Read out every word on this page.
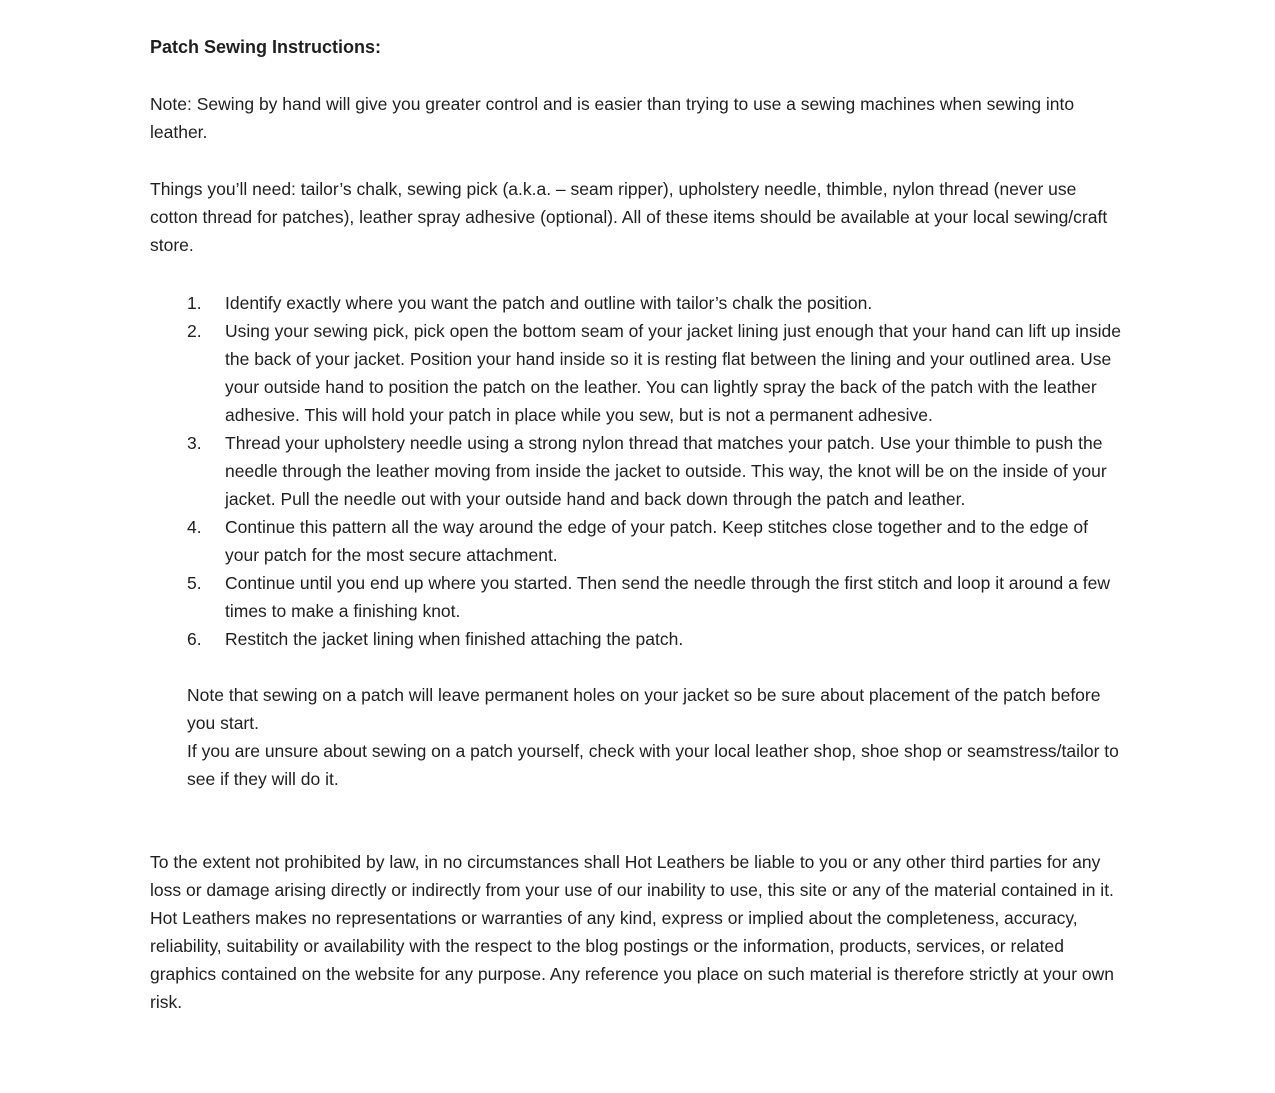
Patch Sewing Instructions:

Note: Sewing by hand will give you greater control and is easier than trying to use a sewing machines when sewing into leather.

Things you’ll need: tailor’s chalk, sewing pick (a.k.a. – seam ripper), upholstery needle, thimble, nylon thread (never use cotton thread for patches), leather spray adhesive (optional). All of these items should be available at your local sewing/craft store.

Identify exactly where you want the patch and outline with tailor’s chalk the position.
Using your sewing pick, pick open the bottom seam of your jacket lining just enough that your hand can lift up inside the back of your jacket. Position your hand inside so it is resting flat between the lining and your outlined area. Use your outside hand to position the patch on the leather. You can lightly spray the back of the patch with the leather adhesive. This will hold your patch in place while you sew, but is not a permanent adhesive.
Thread your upholstery needle using a strong nylon thread that matches your patch. Use your thimble to push the needle through the leather moving from inside the jacket to outside. This way, the knot will be on the inside of your jacket. Pull the needle out with your outside hand and back down through the patch and leather.
Continue this pattern all the way around the edge of your patch. Keep stitches close together and to the edge of your patch for the most secure attachment.
Continue until you end up where you started. Then send the needle through the first stitch and loop it around a few times to make a finishing knot.
Restitch the jacket lining when finished attaching the patch.

Note that sewing on a patch will leave permanent holes on your jacket so be sure about placement of the patch before you start.

If you are unsure about sewing on a patch yourself, check with your local leather shop, shoe shop or seamstress/tailor to see if they will do it.

To the extent not prohibited by law, in no circumstances shall Hot Leathers be liable to you or any other third parties for any loss or damage arising directly or indirectly from your use of our inability to use, this site or any of the material contained in it. Hot Leathers makes no representations or warranties of any kind, express or implied about the completeness, accuracy, reliability, suitability or availability with the respect to the blog postings or the information, products, services, or related graphics contained on the website for any purpose. Any reference you place on such material is therefore strictly at your own risk.
